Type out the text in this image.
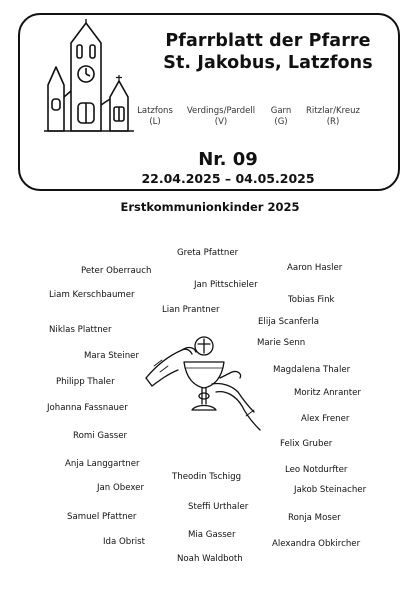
Pfarrblatt der Pfarre
St. Jakobus, Latzfons
Latzfons
(L)
Verdings/Pardell
(V)
Garn
(G)
Ritzlar/Kreuz
(R)
Nr. 09
22.04.2025 – 04.05.2025
Erstkommunionkinder 2025
Greta Pfattner
Aaron Hasler
Peter Oberrauch
Jan Pittschieler
Liam Kerschbaumer	Tobias Fink
Lian Prantner
Elija Scanferla
Niklas Plattner
Marie Senn
Mara Steiner
Magdalena Thaler
Philipp Thaler
Moritz Anranter
Johanna Fassnauer
Alex Frener
Romi Gasser
Felix Gruber
Anja Langgartner
Leo Notdurfter
Theodin Tschigg
Jan Obexer	Jakob Steinacher
Steffi Urthaler
Samuel Pfattner	Ronja Moser
Mia Gasser
Ida Obrist	Alexandra Obkircher
Noah Waldboth
